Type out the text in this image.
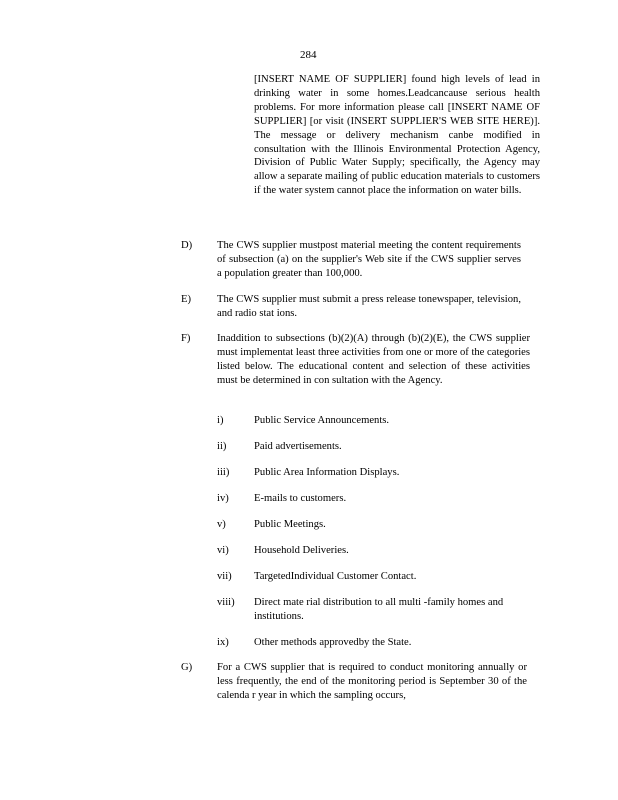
284

[INSERT NAME OF SUPPLIER] found high levels of lead in drinking water in some homes.Leadcancause serious health problems. For more information please call [INSERT NAME OF SUPPLIER] [or visit (INSERT SUPPLIER'S WEB SITE HERE)]. The message or delivery mechanism canbe modified in consultation with the Illinois Environmental Protection Agency, Division of Public Water Supply; specifically, the Agency may allow a separate mailing of public education materials to customers if the water system cannot place the information on water bills.

D) The CWS supplier mustpost material meeting the content requirements of subsection (a) on the supplier's Web site if the CWS supplier serves a population greater than 100,000.

E) The CWS supplier must submit a press release tonewspaper, television, and radio stat ions.

F)	Inaddition to subsections (b)(2)(A) through (b)(2)(E), the CWS supplier must implementat least three activities from one or more of the categories listed below. The educational content and selection of these activities must be determined in con sultation with the Agency.

i)	Public Service Announcements.
ii)	Paid advertisements.
iii) Public Area Information Displays.
iv) E-mails to customers.
v)	Public Meetings.
vi) Household Deliveries.
vii) TargetedIndividual Customer Contact.
viii) Direct mate rial distribution to all multi -family homes and institutions.
ix) Other methods approvedby the State.
G) For a CWS supplier that is required to conduct monitoring annually or less frequently, the end of the monitoring period is September 30 of the calenda r year in which the sampling occurs,
